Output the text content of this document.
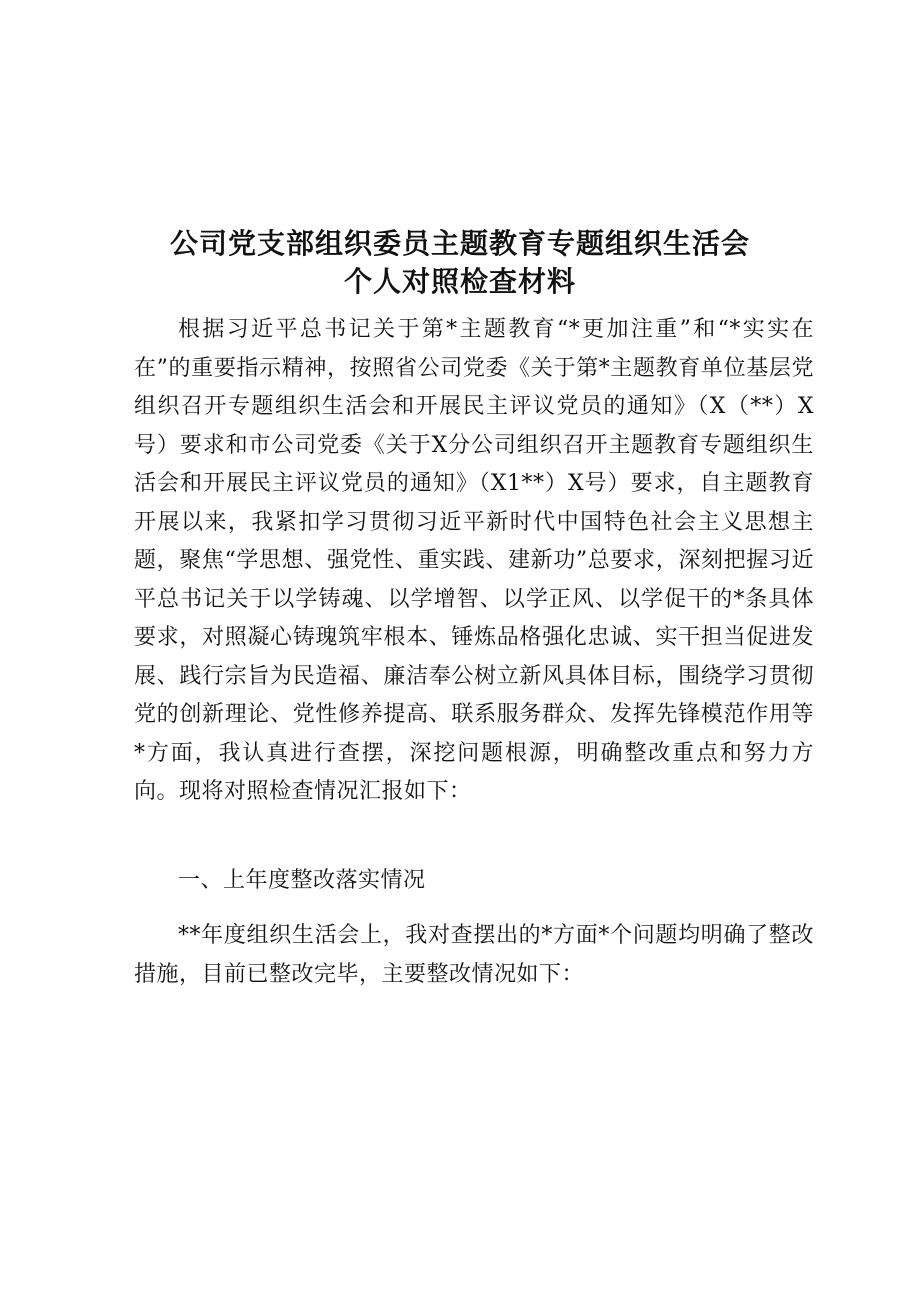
公司党支部组织委员主题教育专题组织生活会
个人对照检查材料

根据习近平总书记关于第*主题教育“*更加注重”和“*实实在在”的重要指示精神，按照省公司党委《关于第*主题教育单位基层党组织召开专题组织生活会和开展民主评议党员的通知》（X（**）X号）要求和市公司党委《关于X分公司组织召开主题教育专题组织生活会和开展民主评议党员的通知》（X1**）X号）要求，自主题教育开展以来，我紧扣学习贯彻习近平新时代中国特色社会主义思想主题，聚焦“学思想、强党性、重实践、建新功”总要求，深刻把握习近平总书记关于以学铸魂、以学增智、以学正风、以学促干的*条具体要求，对照凝心铸瑰筑牢根本、锤炼品格强化忠诚、实干担当促进发展、践行宗旨为民造福、廉洁奉公树立新风具体目标，围绕学习贯彻党的创新理论、党性修养提高、联系服务群众、发挥先锋模范作用等*方面，我认真进行查摆，深挖问题根源，明确整改重点和努力方向。现将对照检查情况汇报如下：

一、上年度整改落实情况

**年度组织生活会上，我对查摆出的*方面*个问题均明确了整改措施，目前已整改完毕，主要整改情况如下：
